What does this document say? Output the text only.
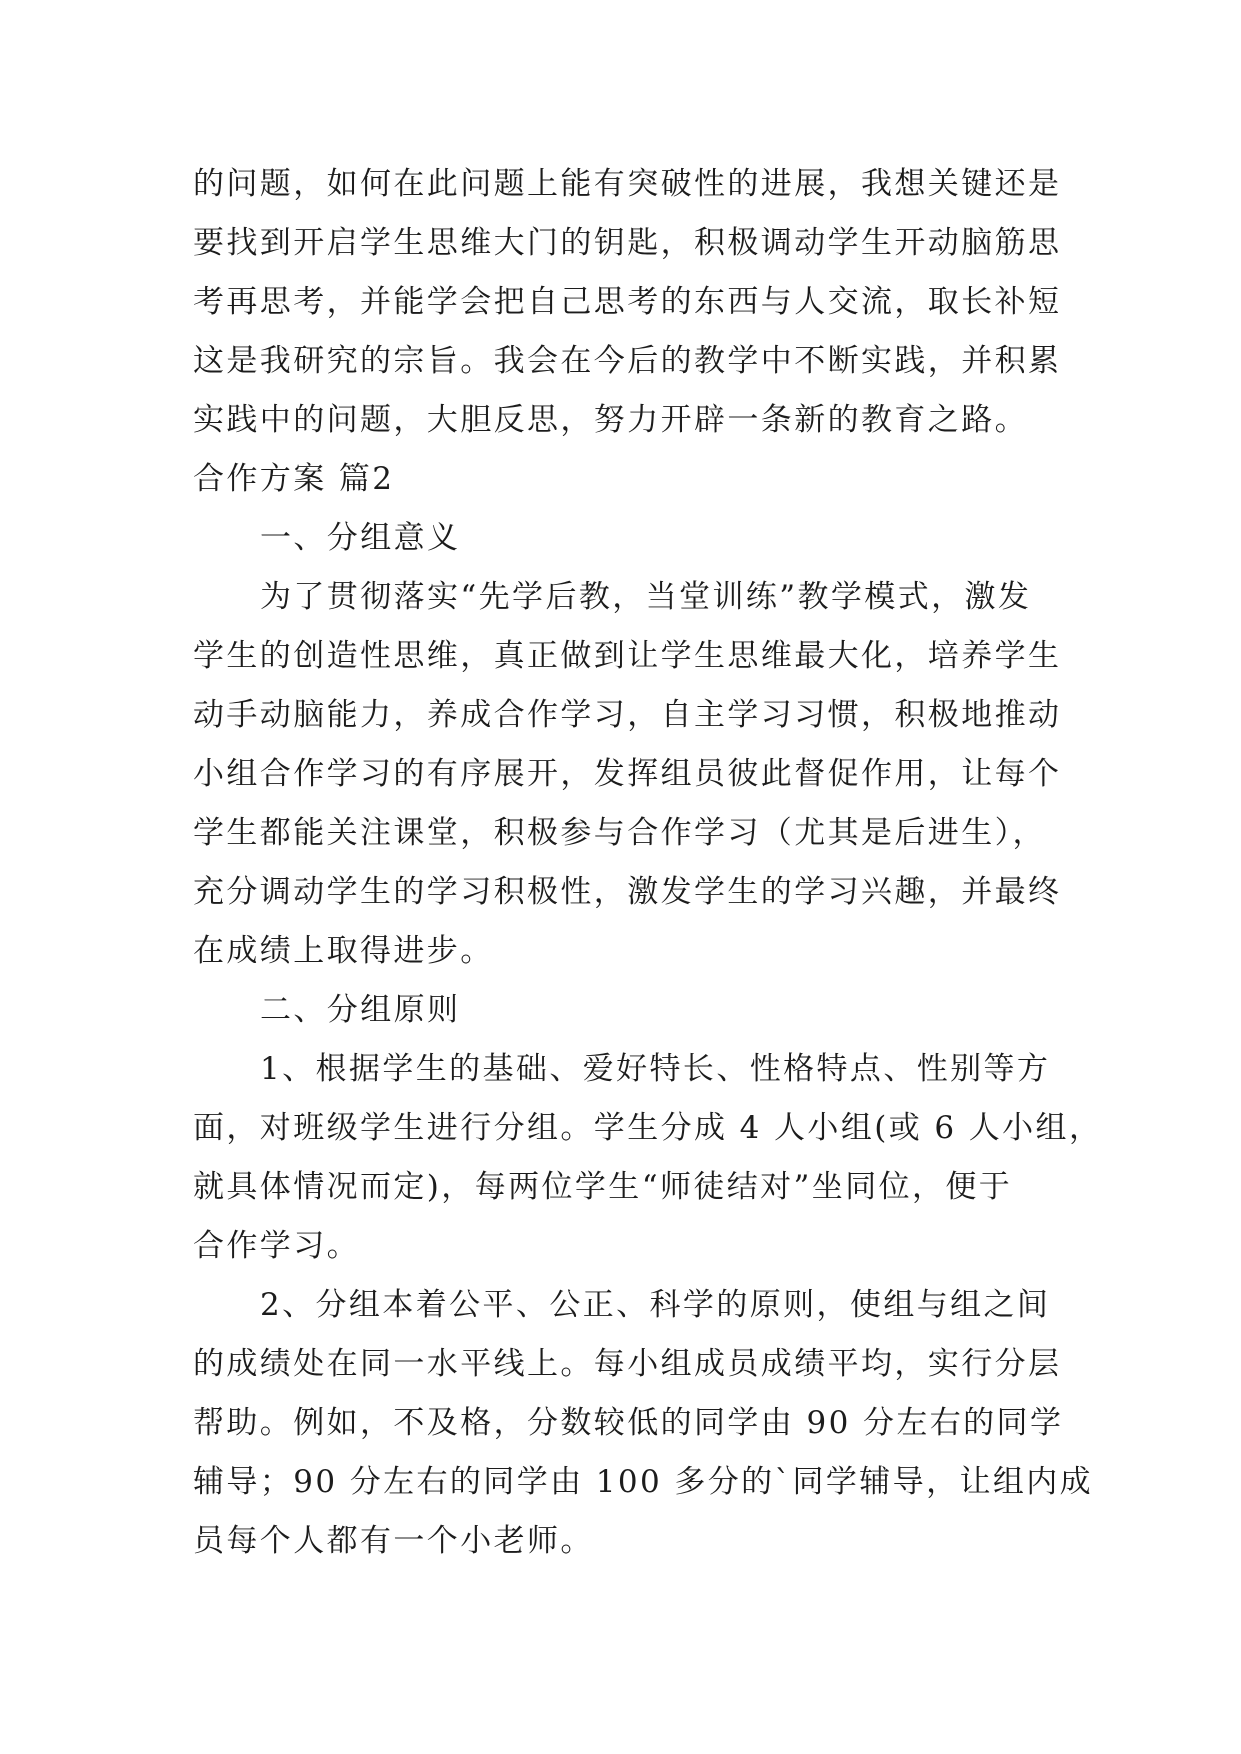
的问题，如何在此问题上能有突破性的进展，我想关键还是
要找到开启学生思维大门的钥匙，积极调动学生开动脑筋思
考再思考，并能学会把自己思考的东西与人交流，取长补短
这是我研究的宗旨。我会在今后的教学中不断实践，并积累
实践中的问题，大胆反思，努力开辟一条新的教育之路。
合作方案 篇2
一、分组意义
为了贯彻落实“先学后教，当堂训练”教学模式，激发
学生的创造性思维，真正做到让学生思维最大化，培养学生
动手动脑能力，养成合作学习，自主学习习惯，积极地推动
小组合作学习的有序展开，发挥组员彼此督促作用，让每个
学生都能关注课堂，积极参与合作学习（尤其是后进生），
充分调动学生的学习积极性，激发学生的学习兴趣，并最终
在成绩上取得进步。
二、分组原则
1、根据学生的基础、爱好特长、性格特点、性别等方
面，对班级学生进行分组。学生分成 4 人小组(或 6 人小组，
就具体情况而定)，每两位学生“师徒结对”坐同位，便于
合作学习。
2、分组本着公平、公正、科学的原则，使组与组之间
的成绩处在同一水平线上。每小组成员成绩平均，实行分层
帮助。例如，不及格，分数较低的同学由 90 分左右的同学
辅导；90 分左右的同学由 100 多分的`同学辅导，让组内成
员每个人都有一个小老师。
